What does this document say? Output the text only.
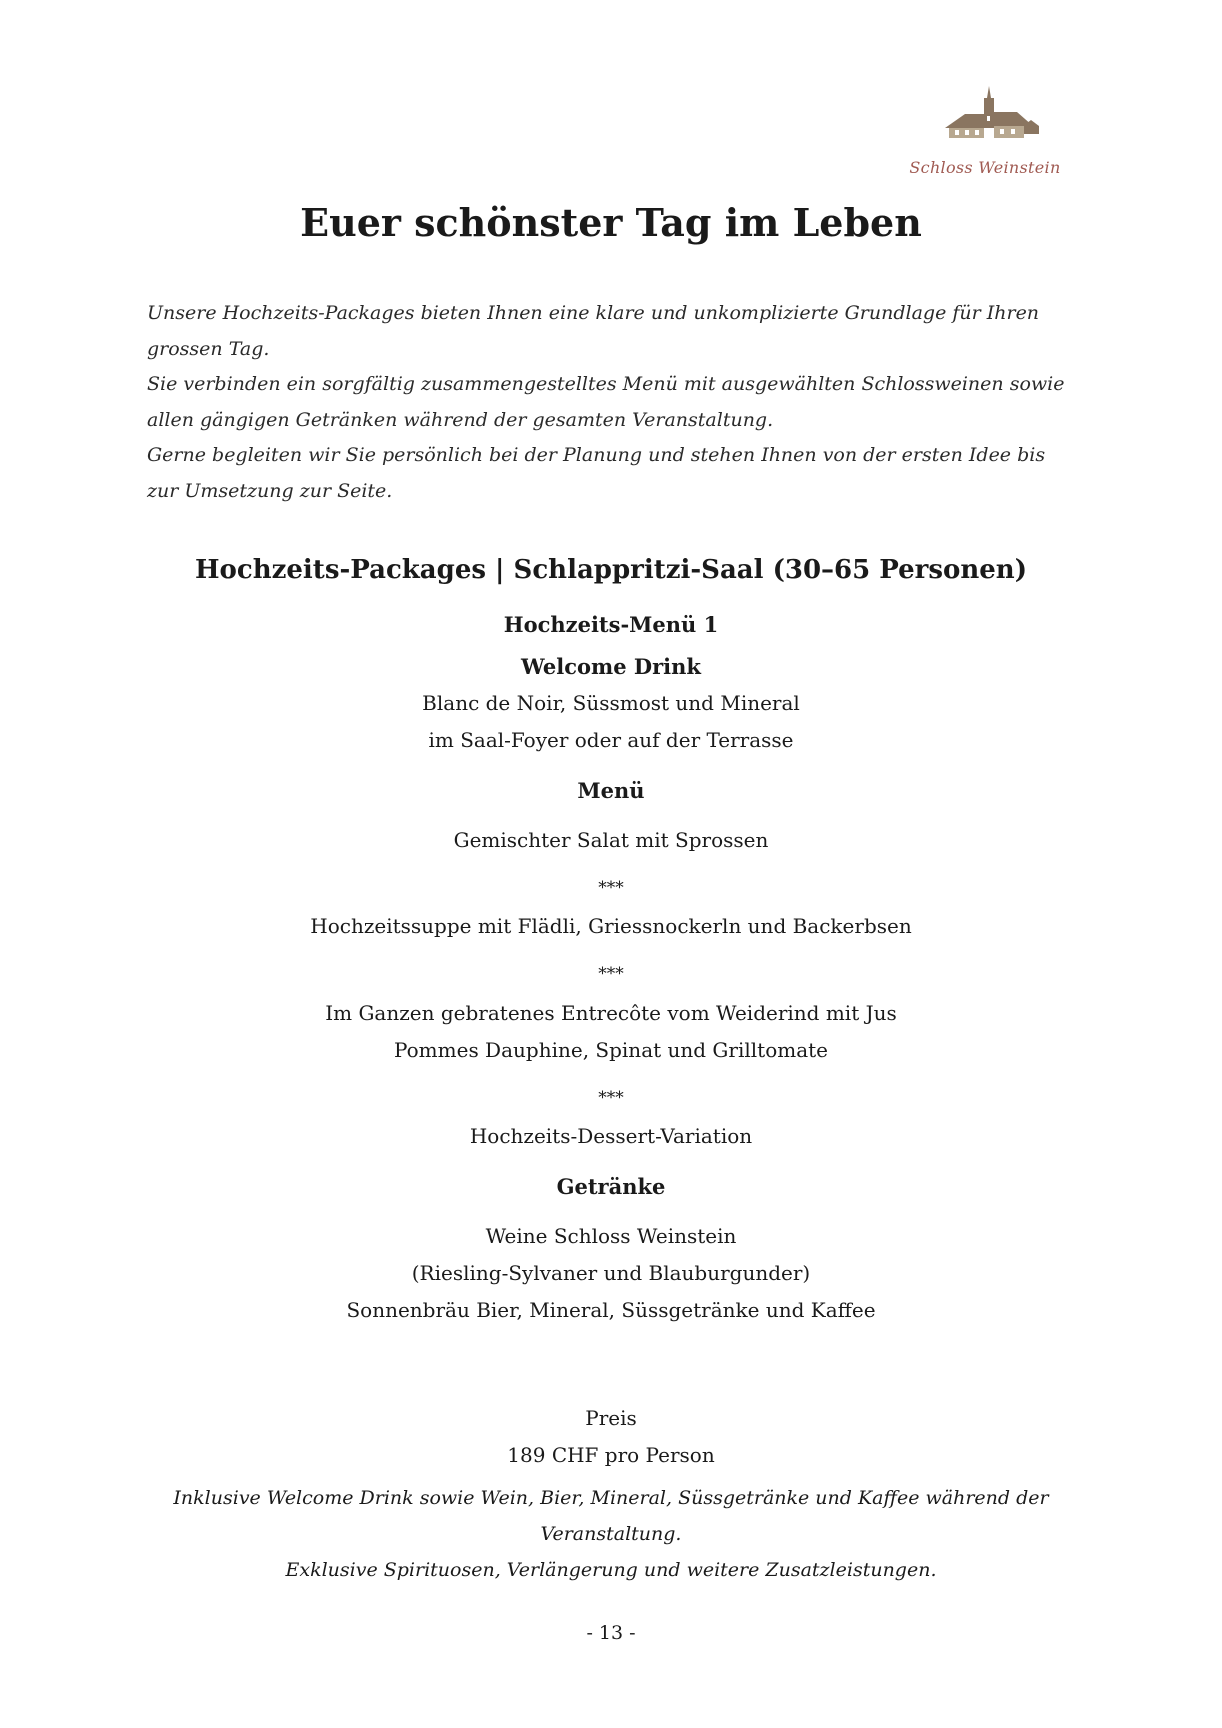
Schloss Weinstein
Euer schönster Tag im Leben

Unsere Hochzeits-Packages bieten Ihnen eine klare und unkomplizierte Grundlage für Ihren grossen Tag.

Sie verbinden ein sorgfältig zusammengestelltes Menü mit ausgewählten Schlossweinen sowie allen gängigen Getränken während der gesamten Veranstaltung.

Gerne begleiten wir Sie persönlich bei der Planung und stehen Ihnen von der ersten Idee bis zur Umsetzung zur Seite.

Hochzeits-Packages | Schlappritzi-Saal (30–65 Personen)
Hochzeits-Menü 1
Welcome Drink
Blanc de Noir, Süssmost und Mineral
im Saal-Foyer oder auf der Terrasse
Menü
Gemischter Salat mit Sprossen
***
Hochzeitssuppe mit Flädli, Griessnockerln und Backerbsen
***
Im Ganzen gebratenes Entrecôte vom Weiderind mit Jus
Pommes Dauphine, Spinat und Grilltomate
***
Hochzeits-Dessert-Variation
Getränke
Weine Schloss Weinstein
(Riesling-Sylvaner und Blauburgunder)
Sonnenbräu Bier, Mineral, Süssgetränke und Kaffee
Preis
189 CHF pro Person
Inklusive Welcome Drink sowie Wein, Bier, Mineral, Süssgetränke und Kaffee während der
Veranstaltung.
Exklusive Spirituosen, Verlängerung und weitere Zusatzleistungen.
- 13 -
